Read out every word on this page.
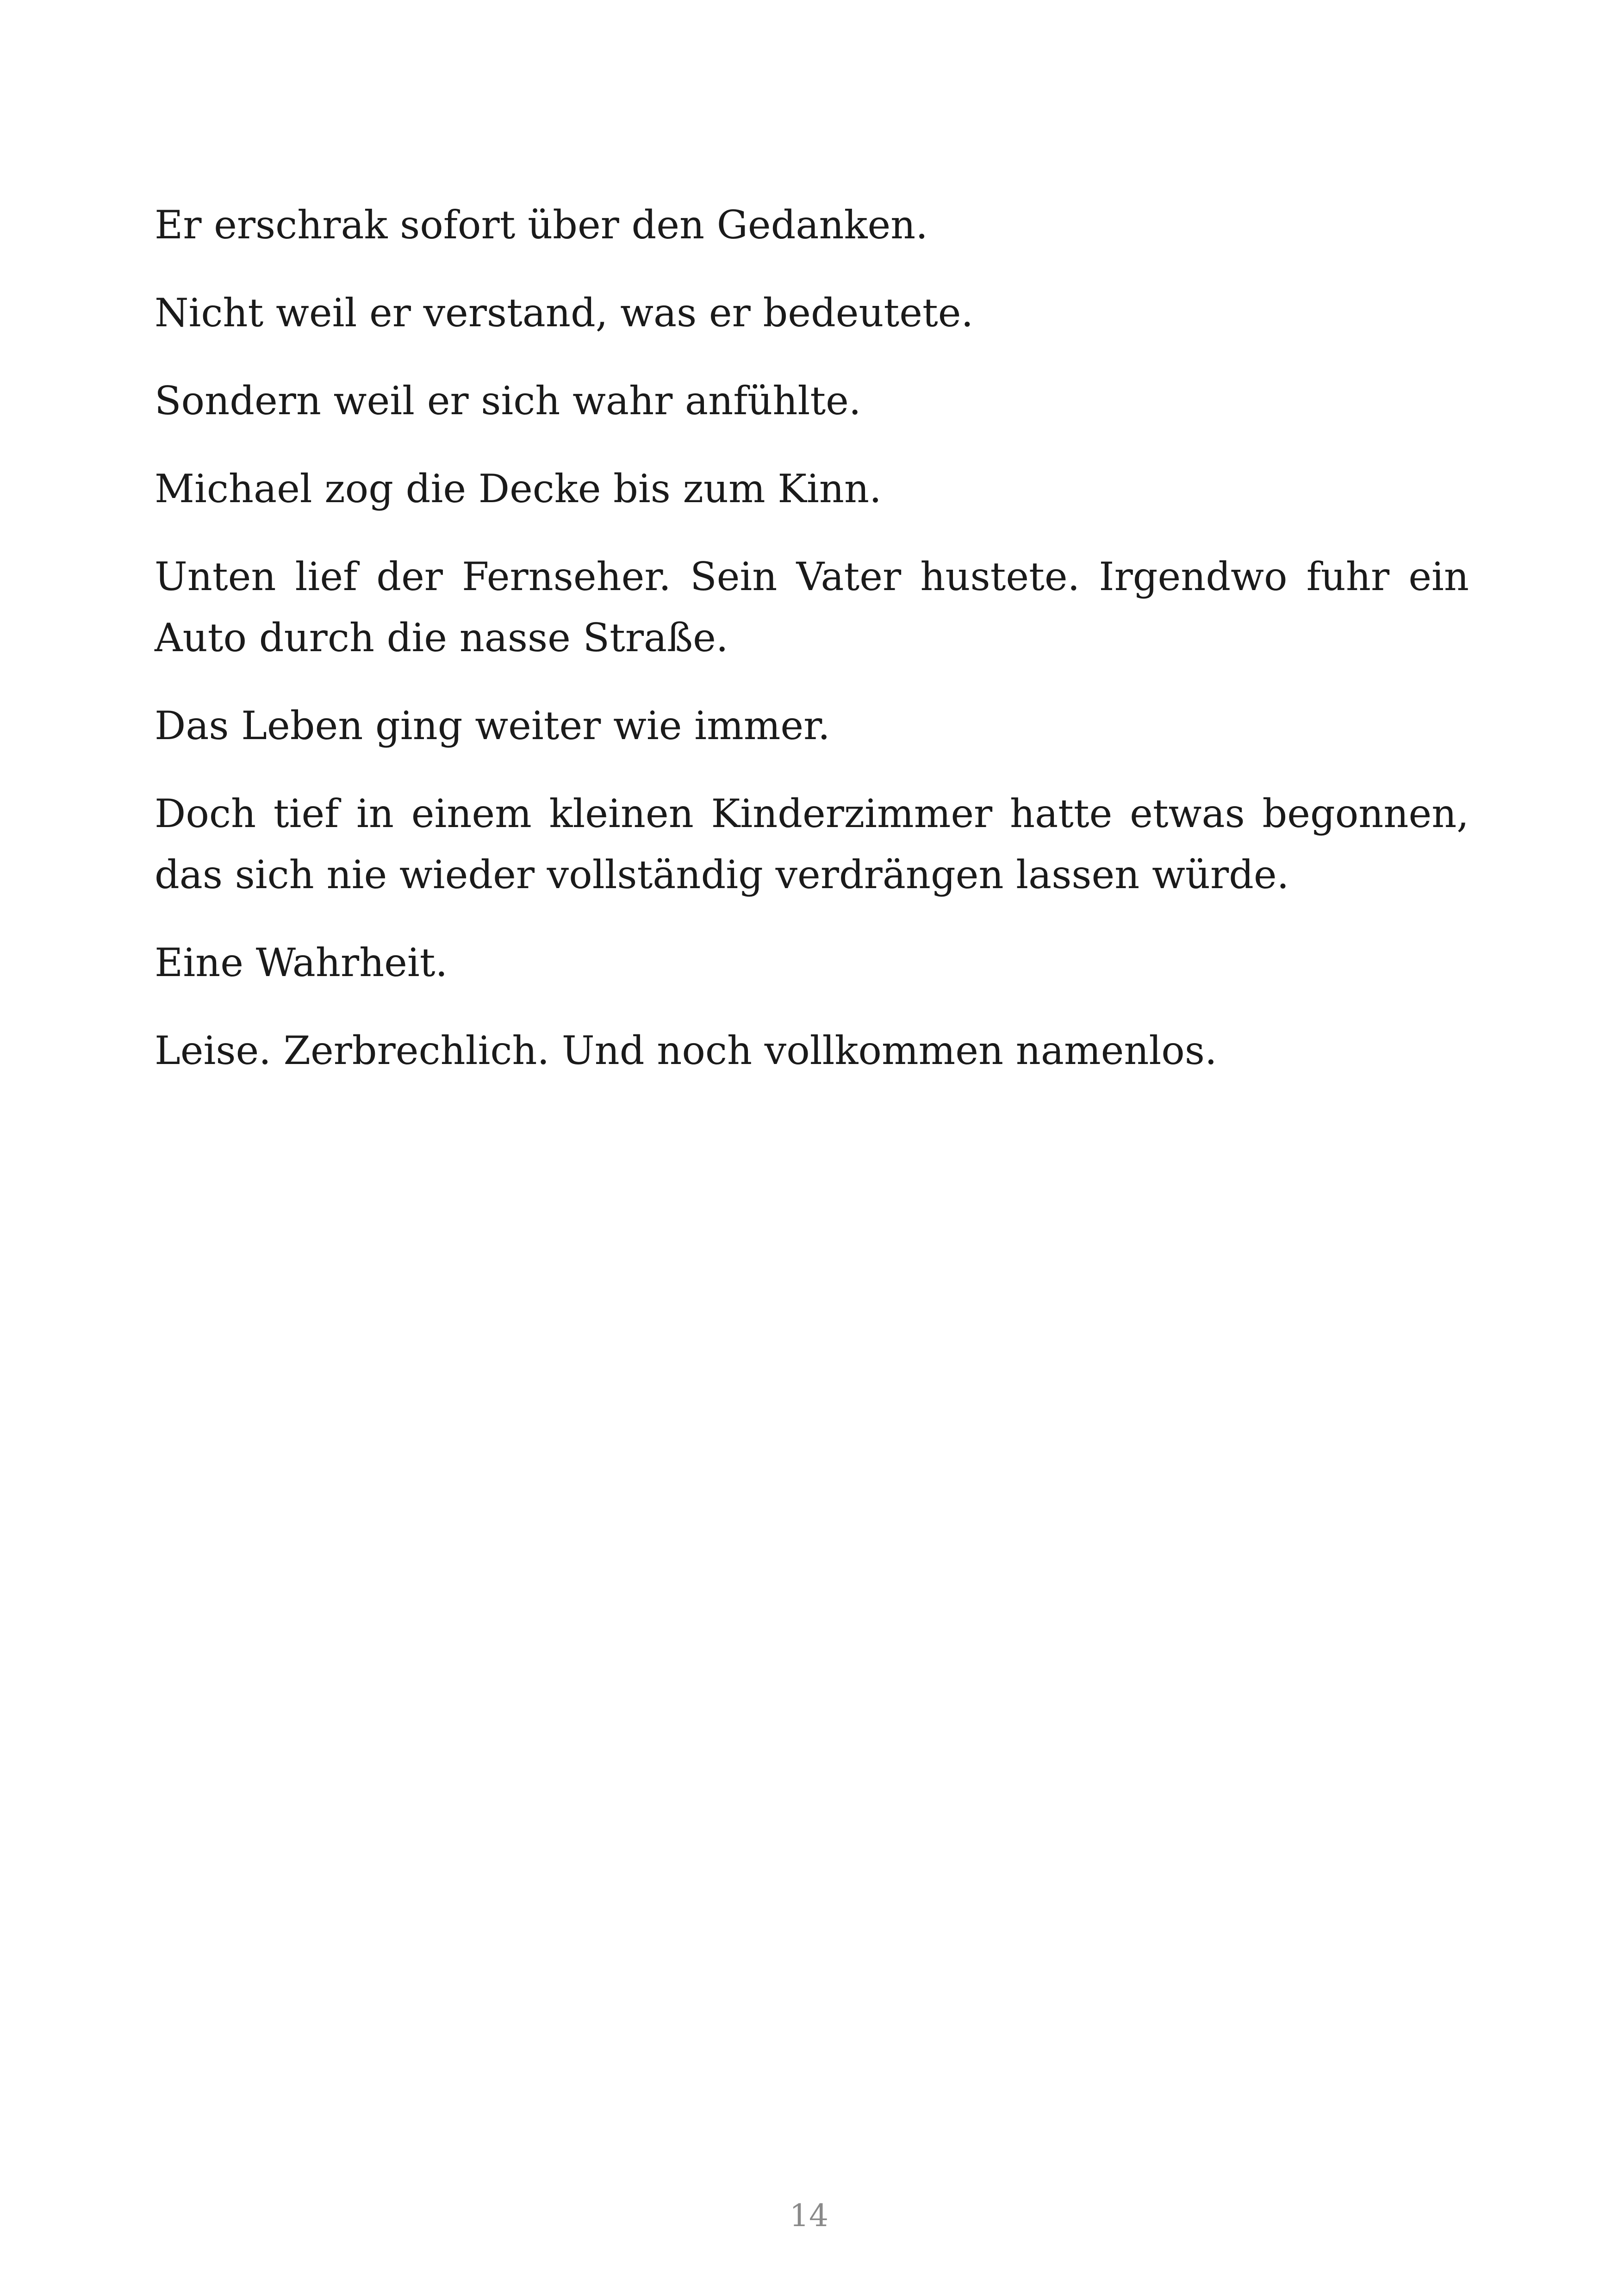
Er erschrak sofort über den Gedanken.

Nicht weil er verstand, was er bedeutete.

Sondern weil er sich wahr anfühlte.

Michael zog die Decke bis zum Kinn.

Unten lief der Fernseher. Sein Vater hustete. Irgendwo fuhr ein Auto durch die nasse Straße.

Das Leben ging weiter wie immer.

Doch tief in einem kleinen Kinderzimmer hatte etwas begonnen, das sich nie wieder vollständig verdrängen lassen würde.

Eine Wahrheit.

Leise. Zerbrechlich. Und noch vollkommen namenlos.

14
